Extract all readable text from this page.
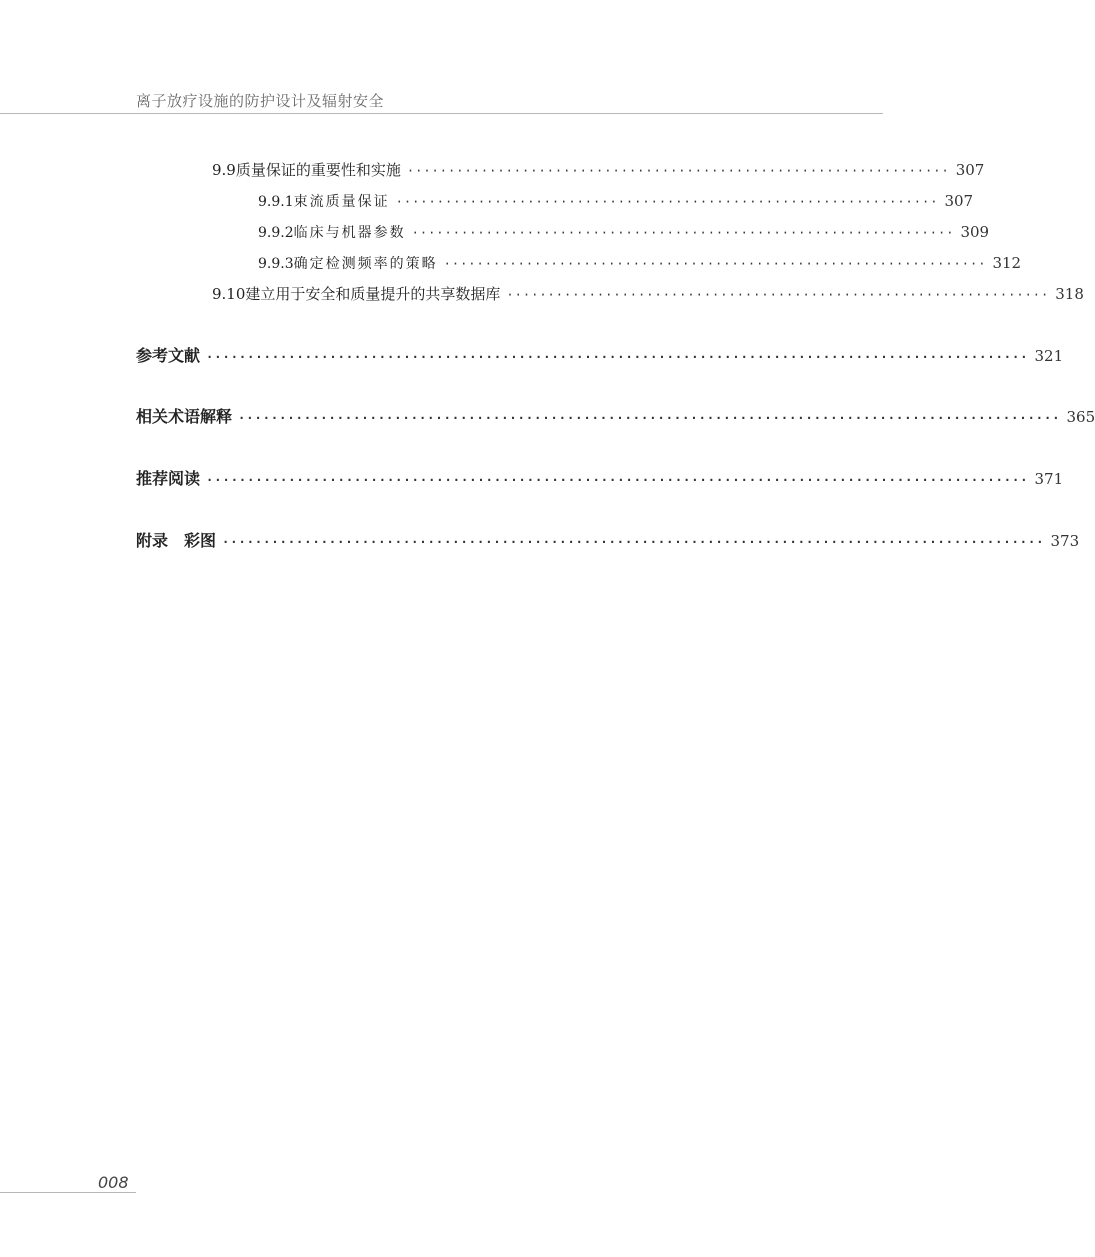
离子放疗设施的防护设计及辐射安全
9.9 质量保证的重要性和实施 ·································································· 307
9.9.1 束流质量保证 ·································································· 307
9.9.2 临床与机器参数 ·································································· 309
9.9.3 确定检测频率的策略 ·································································· 312
9.10 建立用于安全和质量提升的共享数据库 ·································································· 318
参考文献 ···································································································· 321
相关术语解释 ···································································································· 365
推荐阅读 ···································································································· 371
附录　彩图 ···································································································· 373
008
